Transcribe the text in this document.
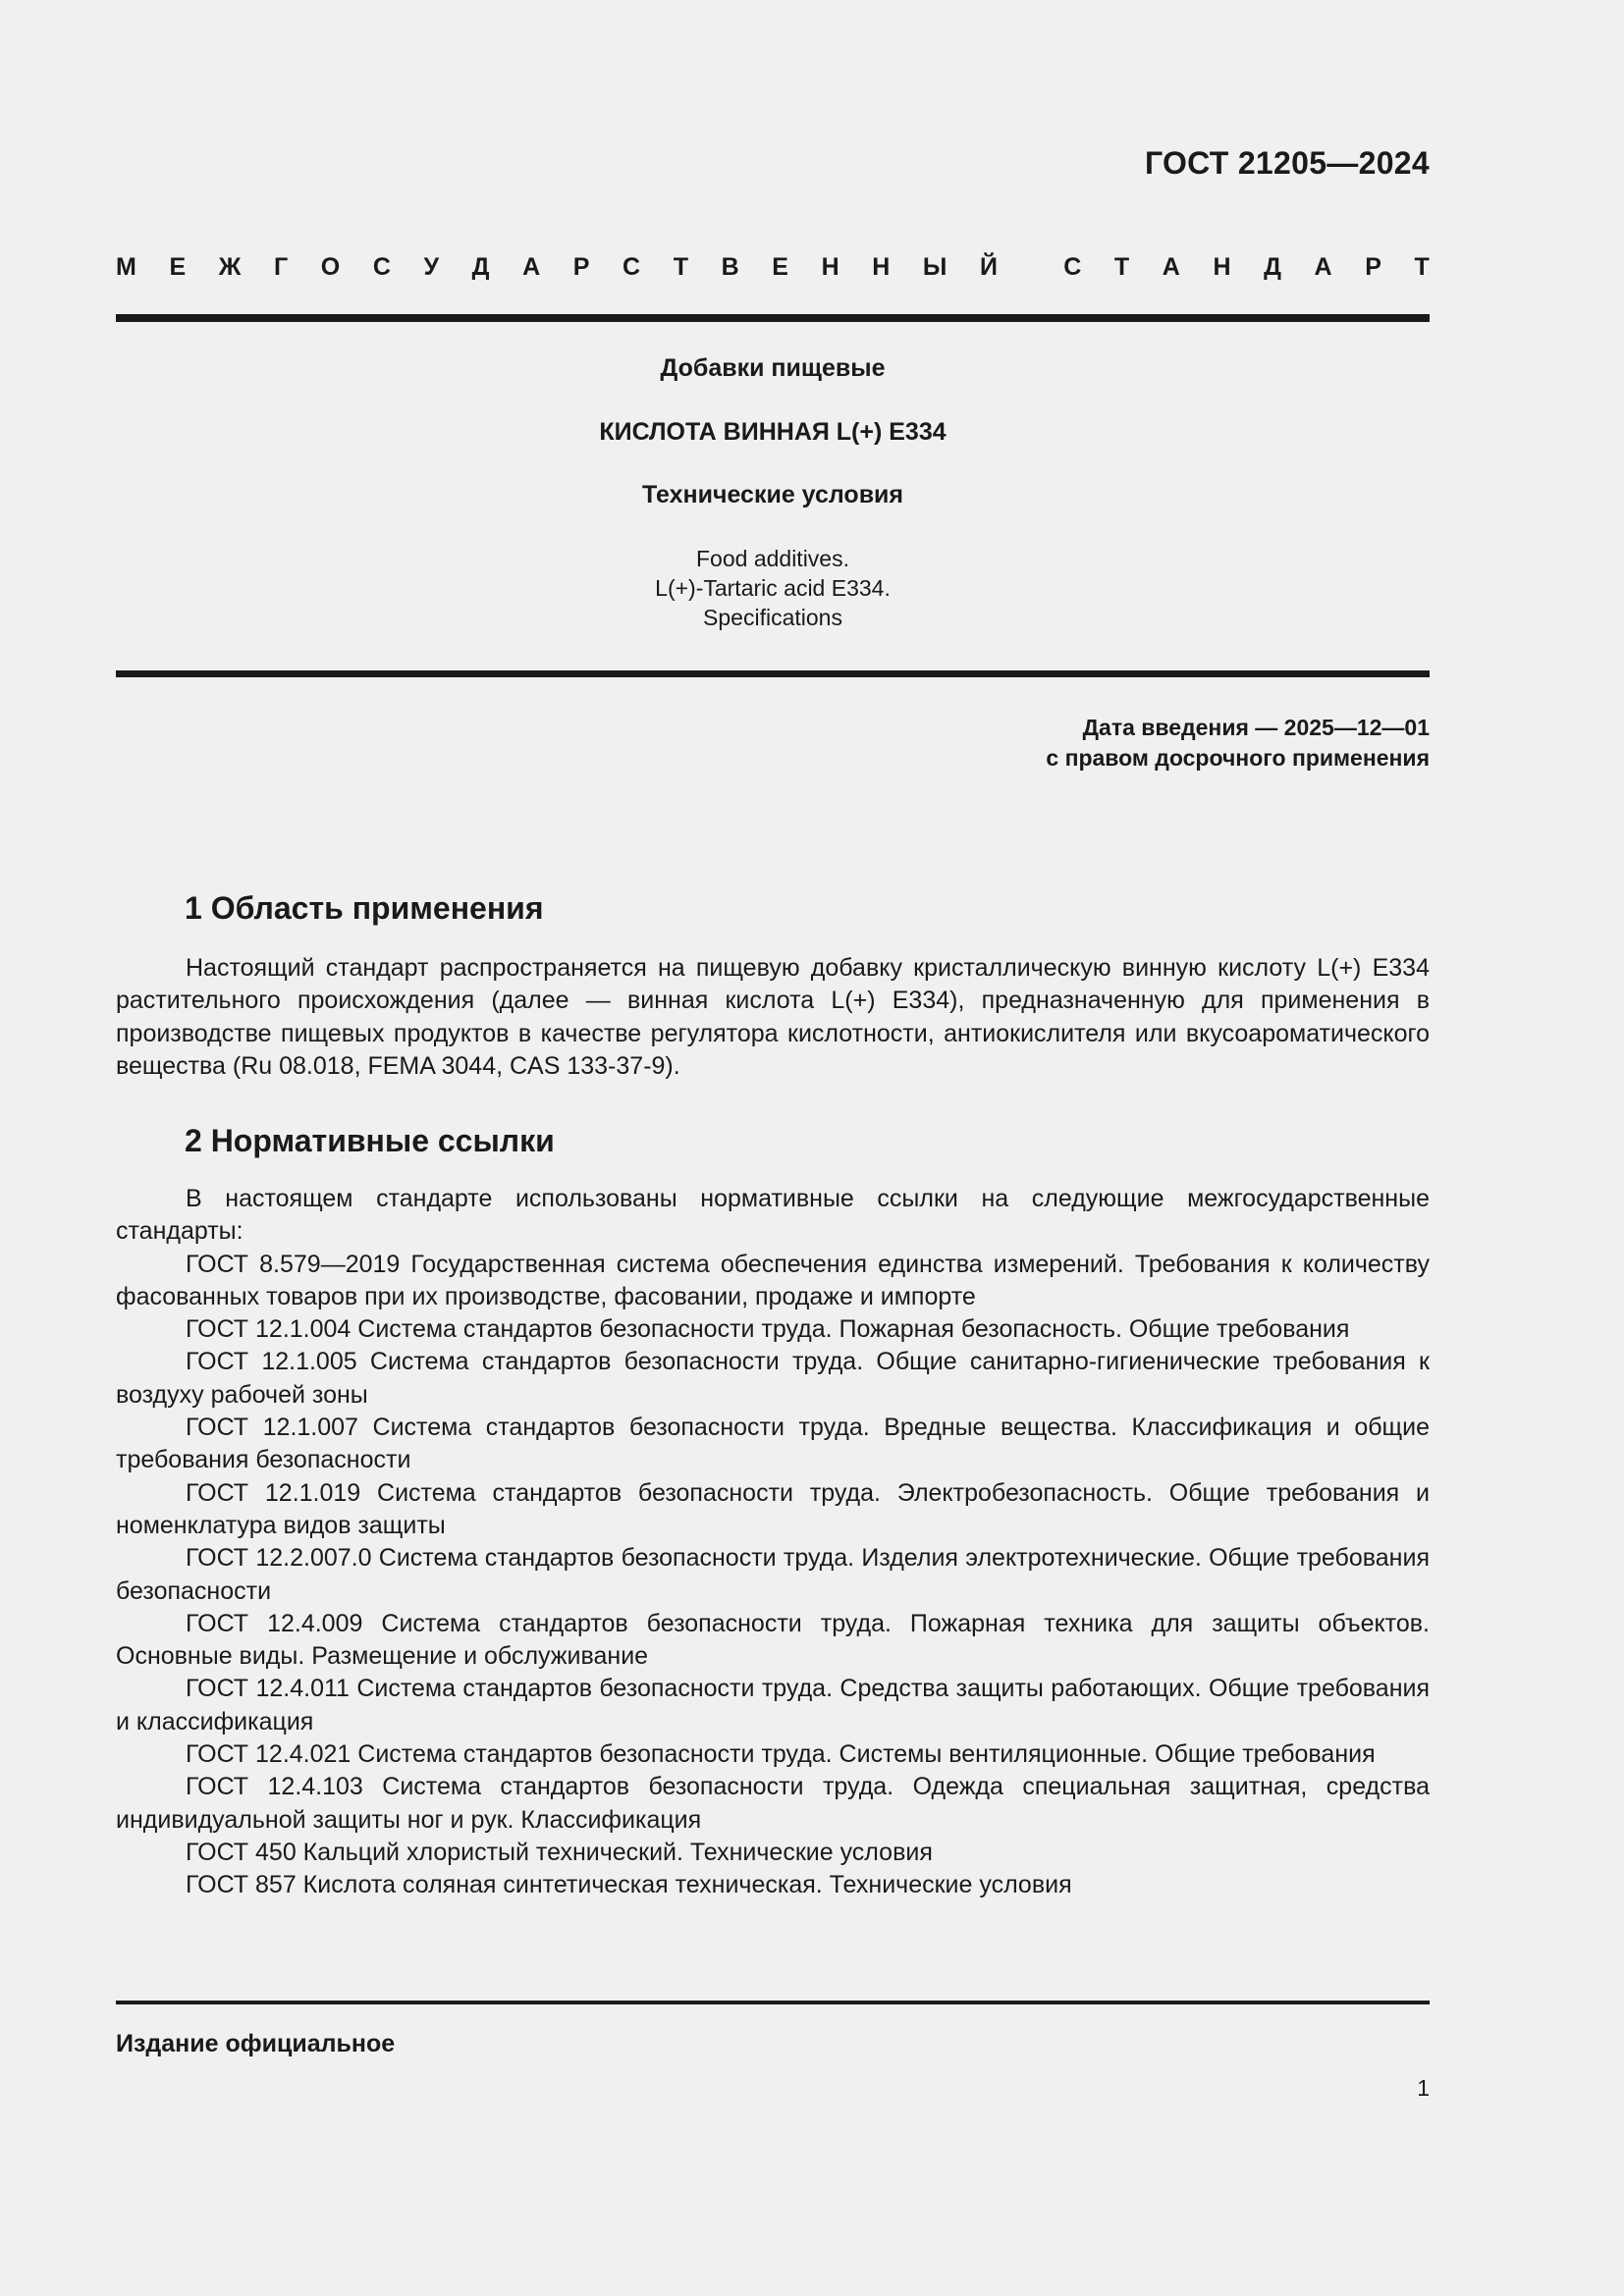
ГОСТ 21205—2024
М Е Ж Г О С У Д А Р С Т В Е Н Н Ы Й	С Т А Н Д А Р Т
Добавки пищевые
КИСЛОТА ВИННАЯ L(+) Е334
Технические условия
Food additives.
L(+)-Tartaric acid E334.
Specifications
Дата введения — 2025—12—01
с правом досрочного применения
1 Область применения

Настоящий стандарт распространяется на пищевую добавку кристаллическую винную кислоту L(+) Е334 растительного происхождения (далее — винная кислота L(+) Е334), предназначенную для применения в производстве пищевых продуктов в качестве регулятора кислотности, антиокислителя или вкусоароматического вещества (Ru 08.018, FEMA 3044, CAS 133-37-9).

2 Нормативные ссылки

В настоящем стандарте использованы нормативные ссылки на следующие межгосударственные стандарты:

ГОСТ 8.579—2019 Государственная система обеспечения единства измерений. Требования к количеству фасованных товаров при их производстве, фасовании, продаже и импорте

ГОСТ 12.1.004 Система стандартов безопасности труда. Пожарная безопасность. Общие требования

ГОСТ 12.1.005 Система стандартов безопасности труда. Общие санитарно-гигиенические требования к воздуху рабочей зоны

ГОСТ 12.1.007 Система стандартов безопасности труда. Вредные вещества. Классификация и общие требования безопасности

ГОСТ 12.1.019 Система стандартов безопасности труда. Электробезопасность. Общие требования и номенклатура видов защиты

ГОСТ 12.2.007.0 Система стандартов безопасности труда. Изделия электротехнические. Общие требования безопасности

ГОСТ 12.4.009 Система стандартов безопасности труда. Пожарная техника для защиты объектов. Основные виды. Размещение и обслуживание

ГОСТ 12.4.011 Система стандартов безопасности труда. Средства защиты работающих. Общие требования и классификация

ГОСТ 12.4.021 Система стандартов безопасности труда. Системы вентиляционные. Общие требования

ГОСТ 12.4.103 Система стандартов безопасности труда. Одежда специальная защитная, средства индивидуальной защиты ног и рук. Классификация

ГОСТ 450 Кальций хлористый технический. Технические условия

ГОСТ 857 Кислота соляная синтетическая техническая. Технические условия

Издание официальное
1
